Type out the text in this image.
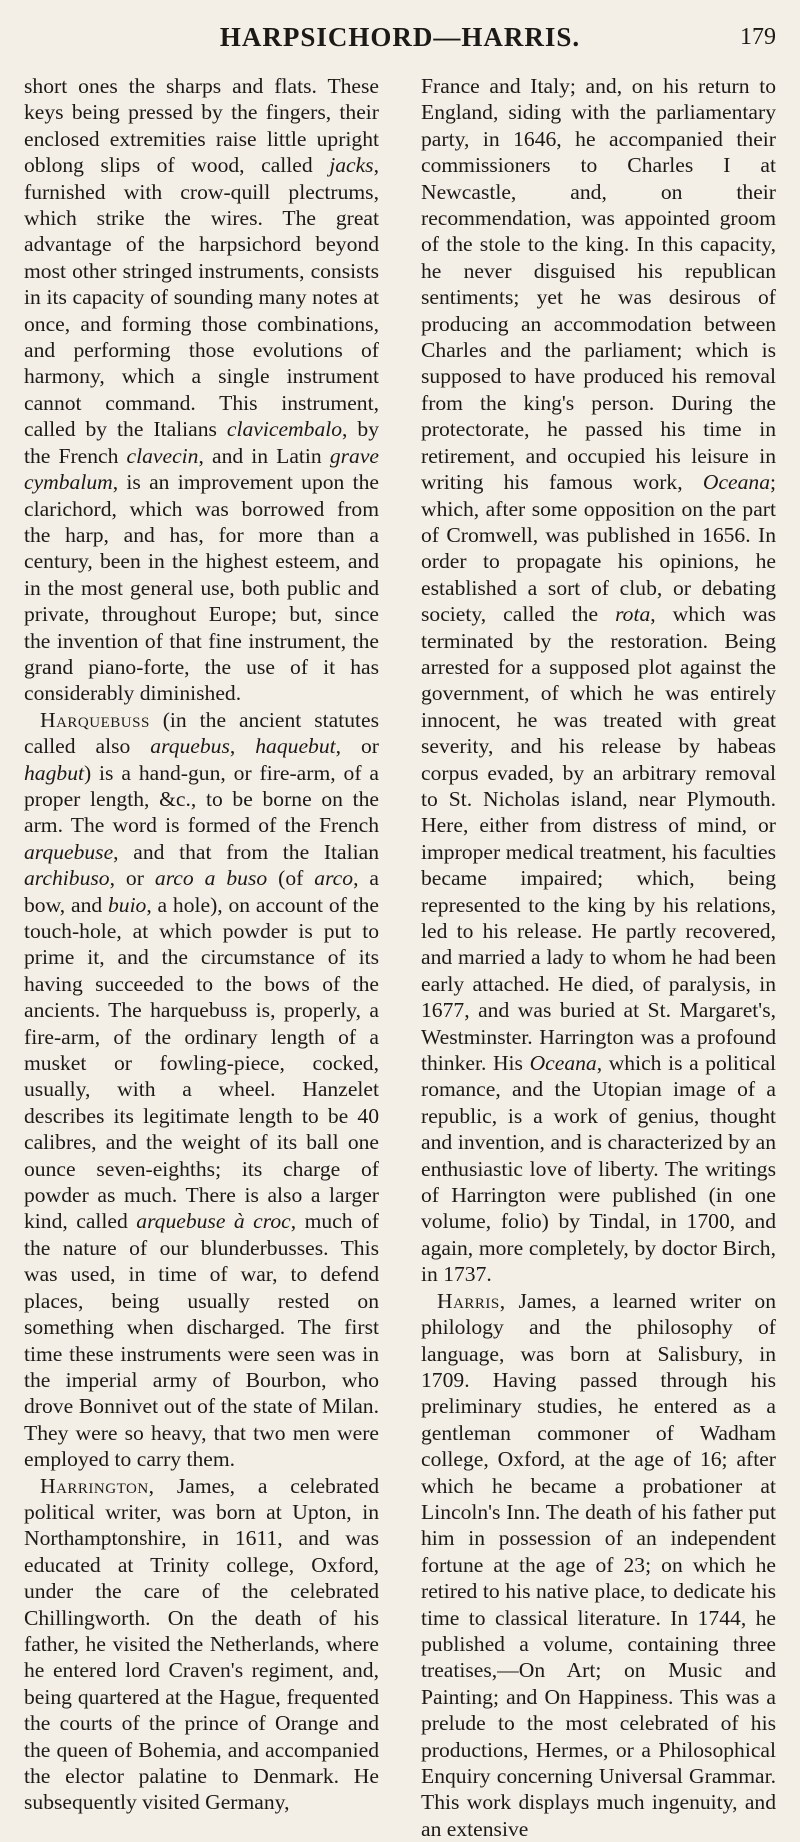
HARPSICHORD—HARRIS.	179

short ones the sharps and flats. These keys being pressed by the fingers, their enclosed extremities raise little upright oblong slips of wood, called jacks, furnished with crow-quill plectrums, which strike the wires. The great advantage of the harpsichord beyond most other stringed instruments, consists in its capacity of sounding many notes at once, and forming those combinations, and performing those evolutions of harmony, which a single instrument cannot command. This instrument, called by the Italians clavicembalo, by the French clavecin, and in Latin grave cymbalum, is an improvement upon the clarichord, which was borrowed from the harp, and has, for more than a century, been in the highest esteem, and in the most general use, both public and private, throughout Europe; but, since the invention of that fine instrument, the grand piano-forte, the use of it has considerably diminished.

Harquebuss (in the ancient statutes called also arquebus, haquebut, or hagbut) is a hand-gun, or fire-arm, of a proper length, &c., to be borne on the arm. The word is formed of the French arquebuse, and that from the Italian archibuso, or arco a buso (of arco, a bow, and buio, a hole), on account of the touch-hole, at which powder is put to prime it, and the circumstance of its having succeeded to the bows of the ancients. The harquebuss is, properly, a fire-arm, of the ordinary length of a musket or fowling-piece, cocked, usually, with a wheel. Hanzelet describes its legitimate length to be 40 calibres, and the weight of its ball one ounce seven-eighths; its charge of powder as much. There is also a larger kind, called arquebuse à croc, much of the nature of our blunderbusses. This was used, in time of war, to defend places, being usually rested on something when discharged. The first time these instruments were seen was in the imperial army of Bourbon, who drove Bonnivet out of the state of Milan. They were so heavy, that two men were employed to carry them.

Harrington, James, a celebrated political writer, was born at Upton, in Northamptonshire, in 1611, and was educated at Trinity college, Oxford, under the care of the celebrated Chillingworth. On the death of his father, he visited the Netherlands, where he entered lord Craven's regiment, and, being quartered at the Hague, frequented the courts of the prince of Orange and the queen of Bohemia, and accompanied the elector palatine to Denmark. He subsequently visited Germany,

France and Italy; and, on his return to England, siding with the parliamentary party, in 1646, he accompanied their commissioners to Charles I at Newcastle, and, on their recommendation, was appointed groom of the stole to the king. In this capacity, he never disguised his republican sentiments; yet he was desirous of producing an accommodation between Charles and the parliament; which is supposed to have produced his removal from the king's person. During the protectorate, he passed his time in retirement, and occupied his leisure in writing his famous work, Oceana; which, after some opposition on the part of Cromwell, was published in 1656. In order to propagate his opinions, he established a sort of club, or debating society, called the rota, which was terminated by the restoration. Being arrested for a supposed plot against the government, of which he was entirely innocent, he was treated with great severity, and his release by habeas corpus evaded, by an arbitrary removal to St. Nicholas island, near Plymouth. Here, either from distress of mind, or improper medical treatment, his faculties became impaired; which, being represented to the king by his relations, led to his release. He partly recovered, and married a lady to whom he had been early attached. He died, of paralysis, in 1677, and was buried at St. Margaret's, Westminster. Harrington was a profound thinker. His Oceana, which is a political romance, and the Utopian image of a republic, is a work of genius, thought and invention, and is characterized by an enthusiastic love of liberty. The writings of Harrington were published (in one volume, folio) by Tindal, in 1700, and again, more completely, by doctor Birch, in 1737.

Harris, James, a learned writer on philology and the philosophy of language, was born at Salisbury, in 1709. Having passed through his preliminary studies, he entered as a gentleman commoner of Wadham college, Oxford, at the age of 16; after which he became a probationer at Lincoln's Inn. The death of his father put him in possession of an independent fortune at the age of 23; on which he retired to his native place, to dedicate his time to classical literature. In 1744, he published a volume, containing three treatises,—On Art; on Music and Painting; and On Happiness. This was a prelude to the most celebrated of his productions, Hermes, or a Philosophical Enquiry concerning Universal Grammar. This work displays much ingenuity, and an extensive
